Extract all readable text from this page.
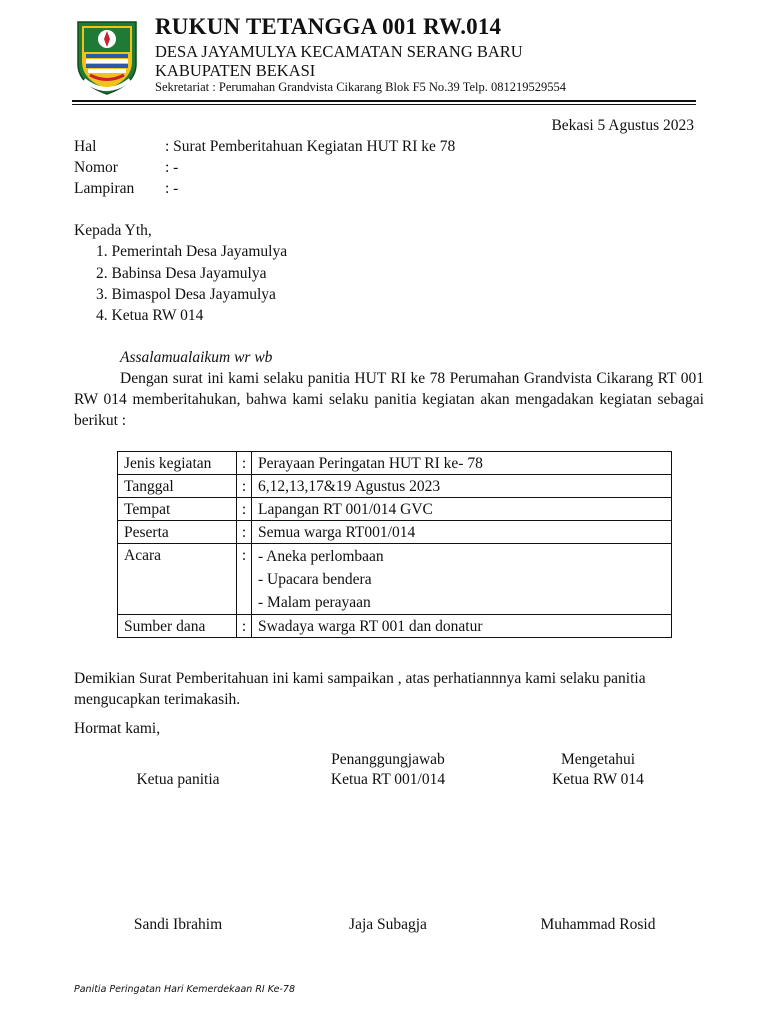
RUKUN TETANGGA 001 RW.014
DESA JAYAMULYA KECAMATAN SERANG BARU
KABUPATEN BEKASI
Sekretariat : Perumahan Grandvista Cikarang Blok F5 No.39 Telp. 081219529554
Bekasi 5 Agustus 2023
Hal	: Surat Pemberitahuan Kegiatan HUT RI ke 78
Nomor	: -
Lampiran : -
Kepada Yth,
1. Pemerintah Desa Jayamulya
2. Babinsa Desa Jayamulya
3. Bimaspol Desa Jayamulya
4. Ketua RW 014
Assalamualaikum wr wb
Dengan surat ini kami selaku panitia HUT RI ke 78 Perumahan Grandvista Cikarang RT 001 RW 014 memberitahukan, bahwa kami selaku panitia kegiatan akan mengadakan kegiatan sebagai berikut :
Jenis kegiatan	:	Perayaan Peringatan HUT RI ke- 78
Tanggal	:	6,12,13,17&19 Agustus 2023
Tempat	:	Lapangan RT 001/014 GVC
Peserta	:	Semua warga RT001/014
Acara	:	- Aneka perlombaan
- Upacara bendera
- Malam perayaan

Sumber dana	:	Swadaya warga RT 001 dan donatur
Demikian Surat Pemberitahuan ini kami sampaikan , atas perhatiannnya kami selaku panitia mengucapkan terimakasih.
Hormat kami,
Ketua panitia
Sandi Ibrahim
Penanggungjawab
Ketua RT 001/014
Jaja Subagja
Mengetahui
Ketua RW 014
Muhammad Rosid
Panitia Peringatan Hari Kemerdekaan RI Ke-78
